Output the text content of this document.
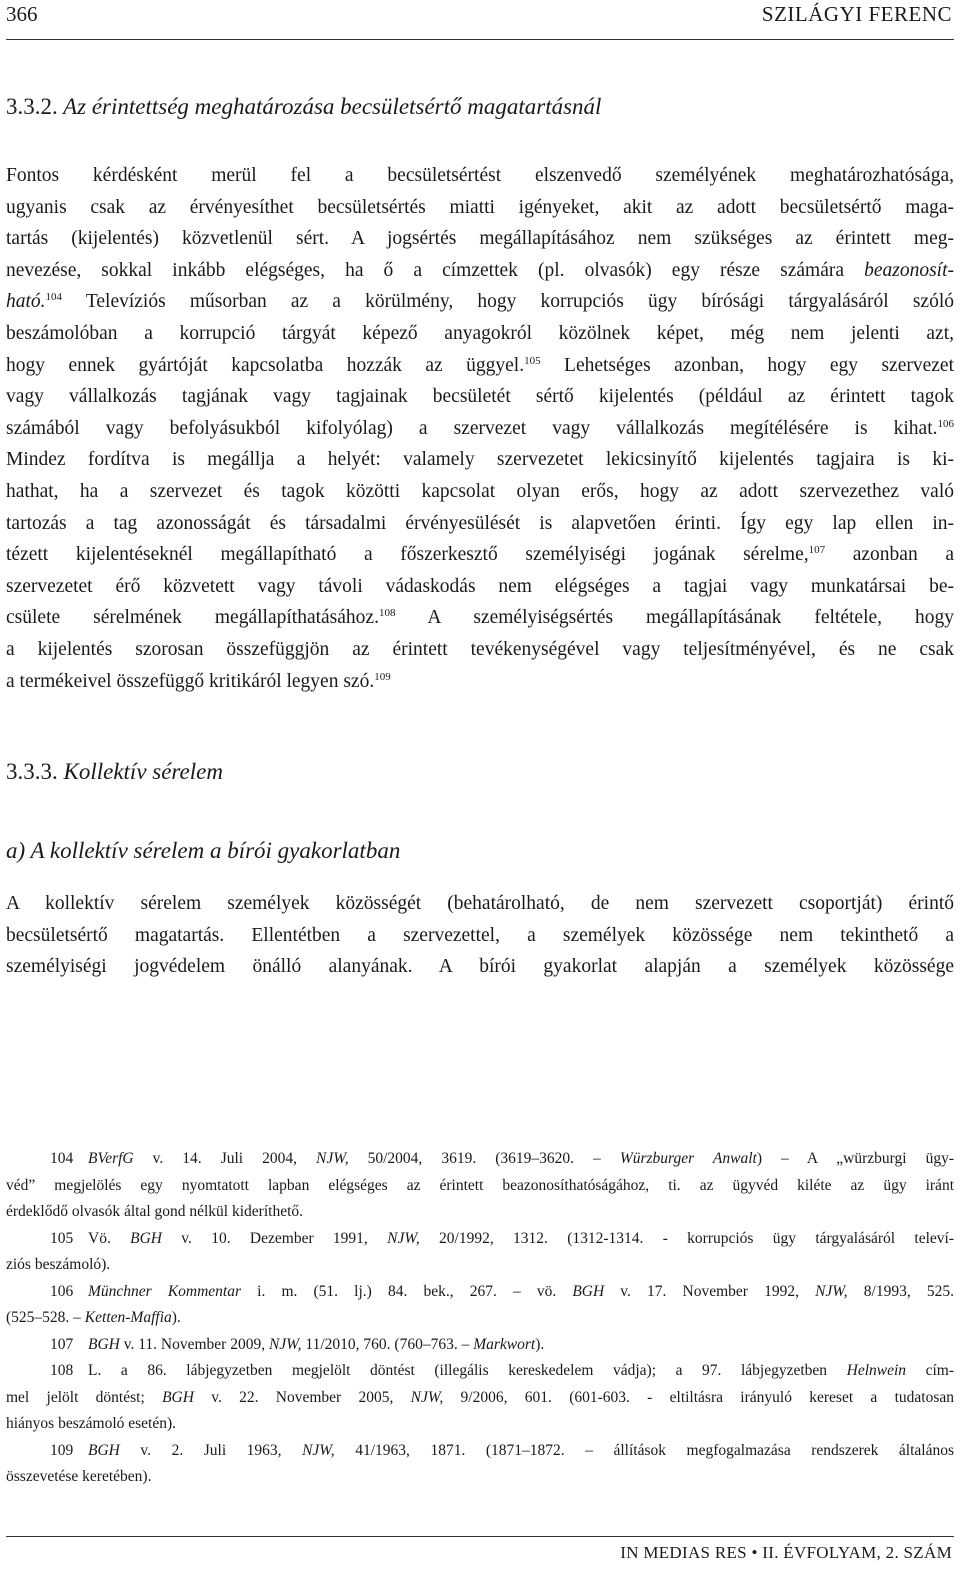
366	SZILÁGYI FERENC
3.3.2. Az érintettség meghatározása becsületsértő magatartásnál
Fontos kérdésként merül fel a becsületsértést elszenvedő személyének meghatározhatósága,
ugyanis csak az érvényesíthet becsületsértés miatti igényeket, akit az adott becsületsértő maga-
tartás (kijelentés) közvetlenül sért. A jogsértés megállapításához nem szükséges az érintett meg-
nevezése, sokkal inkább elégséges, ha ő a címzettek (pl. olvasók) egy része számára beazonosít-
ható.$^{104}$ Televíziós műsorban az a körülmény, hogy korrupciós ügy bírósági tárgyalásáról szóló
beszámolóban a korrupció tárgyát képező anyagokról közölnek képet, még nem jelenti azt,
hogy ennek gyártóját kapcsolatba hozzák az üggyel.$^{105}$ Lehetséges azonban, hogy egy szervezet
vagy vállalkozás tagjának vagy tagjainak becsületét sértő kijelentés (például az érintett tagok
számából vagy befolyásukból kifolyólag) a szervezet vagy vállalkozás megítélésére is kihat.$^{106}$
Mindez fordítva is megállja a helyét: valamely szervezetet lekicsinyítő kijelentés tagjaira is ki-
hathat, ha a szervezet és tagok közötti kapcsolat olyan erős, hogy az adott szervezethez való
tartozás a tag azonosságát és társadalmi érvényesülését is alapvetően érinti. Így egy lap ellen in-
tézett kijelentéseknél megállapítható a főszerkesztő személyiségi jogának sérelme,$^{107}$ azonban a
szervezetet érő közvetett vagy távoli vádaskodás nem elégséges a tagjai vagy munkatársai be-
csülete sérelmének megállapíthatásához.$^{108}$ A személyiségsértés megállapításának feltétele, hogy
a kijelentés szorosan összefüggjön az érintett tevékenységével vagy teljesítményével, és ne csak
a termékeivel összefüggő kritikáról legyen szó.$^{109}$
3.3.3. Kollektív sérelem
a) A kollektív sérelem a bírói gyakorlatban
A kollektív sérelem személyek közösségét (behatárolható, de nem szervezett csoportját) érintő
becsületsértő magatartás. Ellentétben a szervezettel, a személyek közössége nem tekinthető a
személyiségi jogvédelem önálló alanyának. A bírói gyakorlat alapján a személyek közössége
104 BVerfG v. 14. Juli 2004, NJW, 50/2004, 3619. (3619–3620. – Würzburger Anwalt) – A „würzburgi ügy-
véd” megjelölés egy nyomtatott lapban elégséges az érintett beazonosíthatóságához, ti. az ügyvéd kiléte az ügy iránt
érdeklődő olvasók által gond nélkül kideríthető.
105 Vö. BGH v. 10. Dezember 1991, NJW, 20/1992, 1312. (1312-1314. - korrupciós ügy tárgyalásáról televí-
ziós beszámoló).
106 Münchner Kommentar i. m. (51. lj.) 84. bek., 267. – vö. BGH v. 17. November 1992, NJW, 8/1993, 525.
(525–528. – Ketten-Maffia).
107 BGH v. 11. November 2009, NJW, 11/2010, 760. (760–763. – Markwort).
108 L. a 86. lábjegyzetben megjelölt döntést (illegális kereskedelem vádja); a 97. lábjegyzetben Helnwein cím-
mel jelölt döntést; BGH v. 22. November 2005, NJW, 9/2006, 601. (601-603. - eltiltásra irányuló kereset a tudatosan
hiányos beszámoló esetén).
109 BGH v. 2. Juli 1963, NJW, 41/1963, 1871. (1871–1872. – állítások megfogalmazása rendszerek általános
összevetése keretében).
IN MEDIAS RES • II. ÉVFOLYAM, 2. SZÁM
